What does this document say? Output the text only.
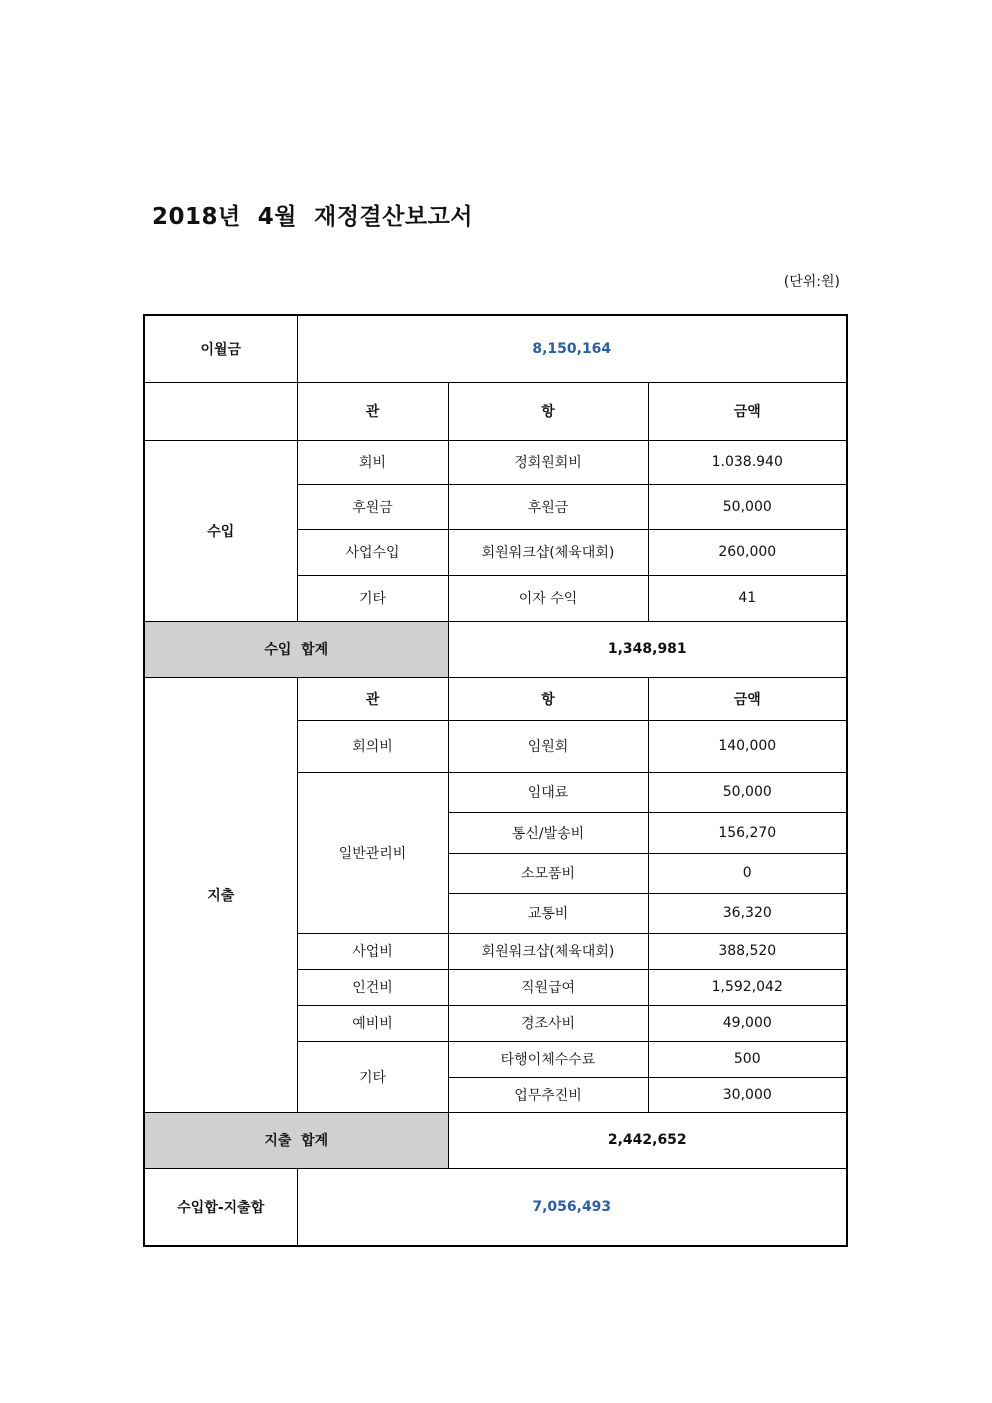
2018년  4월  재정결산보고서
(단위:원)
이월금	8,150,164		
	관	항	금액
수입	회비	정회원회비	1.038.940
	후원금	후원금	50,000
	사업수입	회원워크샵(체육대회)	260,000
	기타	이자 수익	41
수입  합계		1,348,981	
지출	관	항	금액
	회의비	임원회	140,000
	일반관리비	임대료	50,000
		통신/발송비	156,270
		소모품비	0
		교통비	36,320
	사업비	회원워크샵(체육대회)	388,520
	인건비	직원급여	1,592,042
	예비비	경조사비	49,000
	기타	타행이체수수료	500
		업무추진비	30,000
지출  합계		2,442,652	
수입합-지출합	7,056,493		
